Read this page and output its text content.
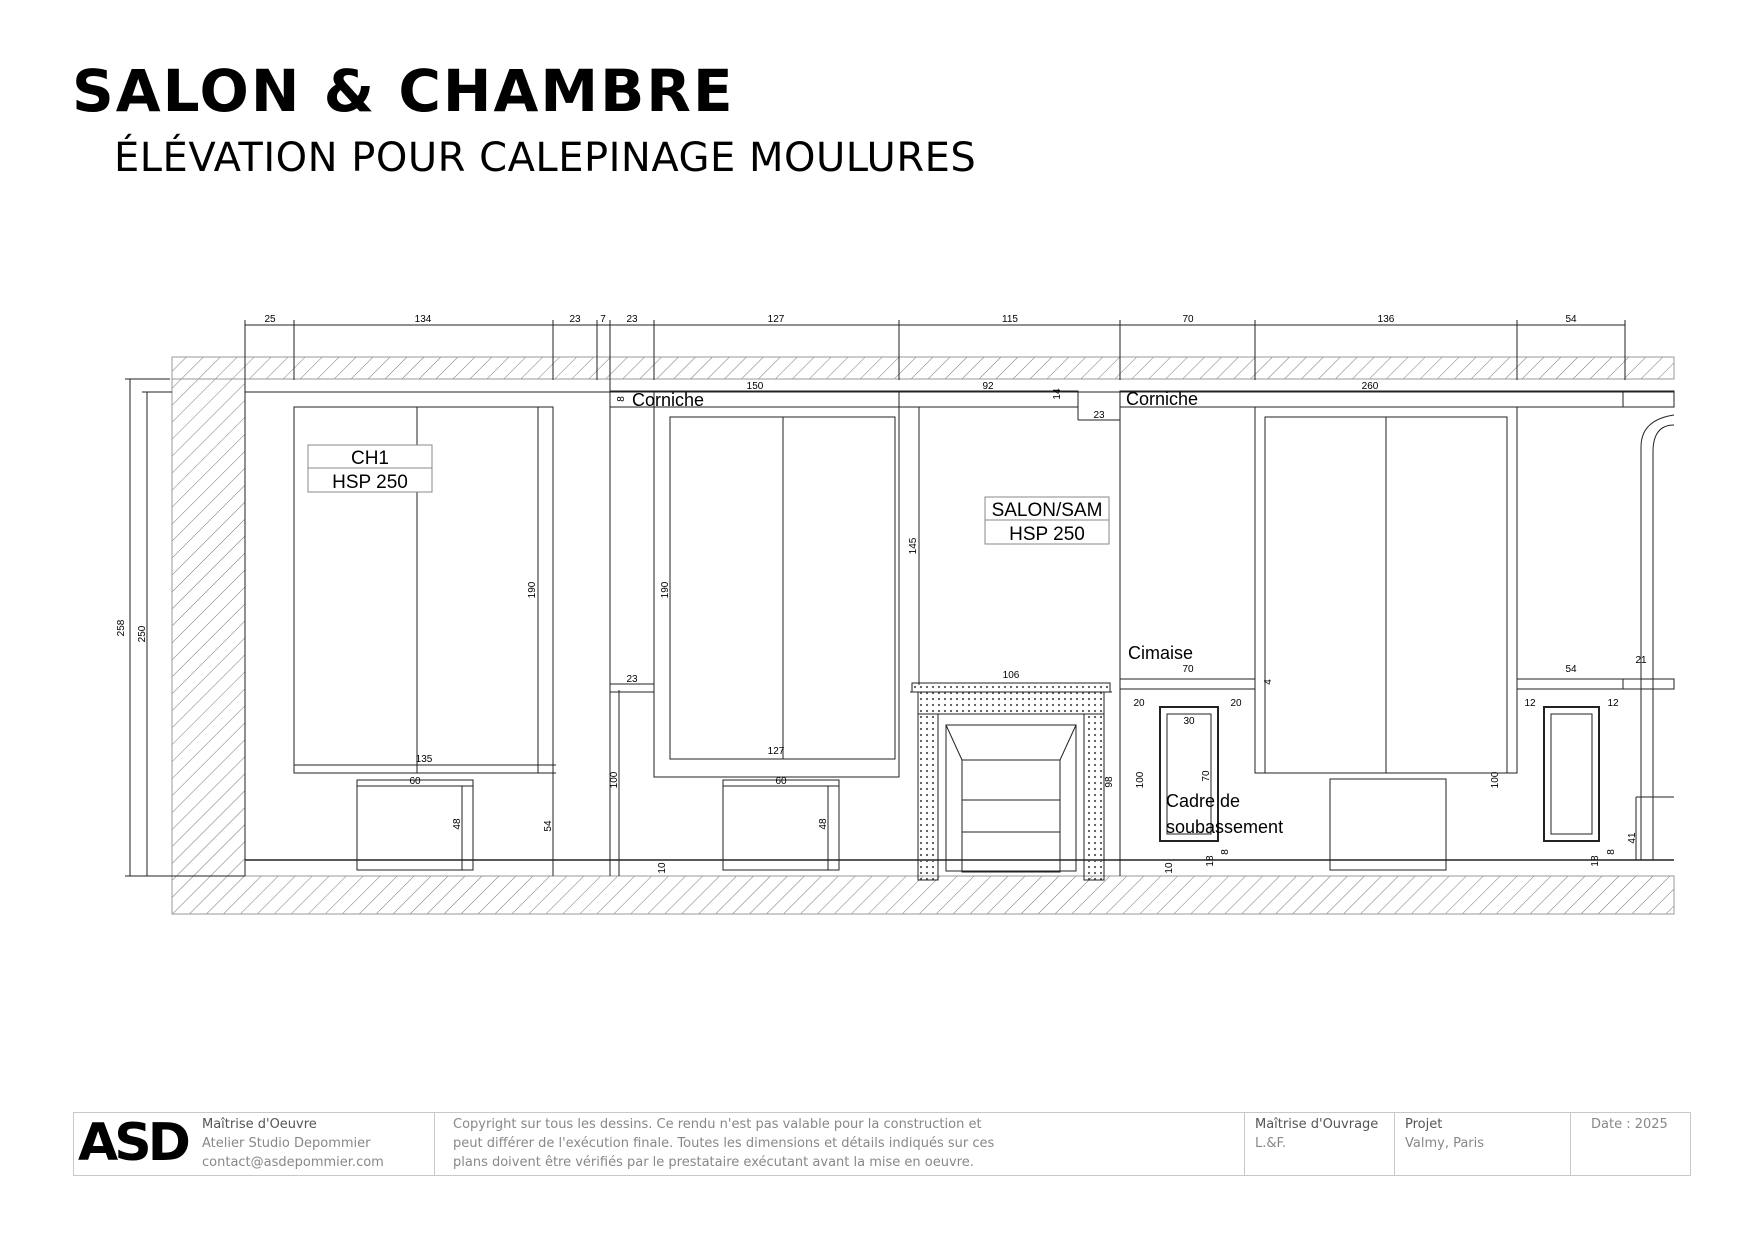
SALON & CHAMBRE
ÉLÉVATION POUR CALEPINAGE MOULURES
CH1
HSP 250
SALON/SAM
HSP 250
Corniche	Corniche
Cimaise
Cadre de
soubassement
25	134	23 7 23	127	115	70	136	54
150	92
23
260
135
127
60	60
23	106
70
20	20
30
54
21
12	12
258 250
190	190
145
14
8
48	48
54
100
10
98
4
100
10
70
18
8
100
18
8
41
ASD Maîtrise d'Oeuvre
Atelier Studio Depommier
contact@asdepommier.com
Copyright sur tous les dessins. Ce rendu n'est pas valable pour la construction et
peut différer de l'exécution finale. Toutes les dimensions et détails indiqués sur ces
plans doivent être vérifiés par le prestataire exécutant avant la mise en oeuvre.
Maîtrise d'Ouvrage
L.&F.
Projet
Valmy, Paris
Date : 2025
